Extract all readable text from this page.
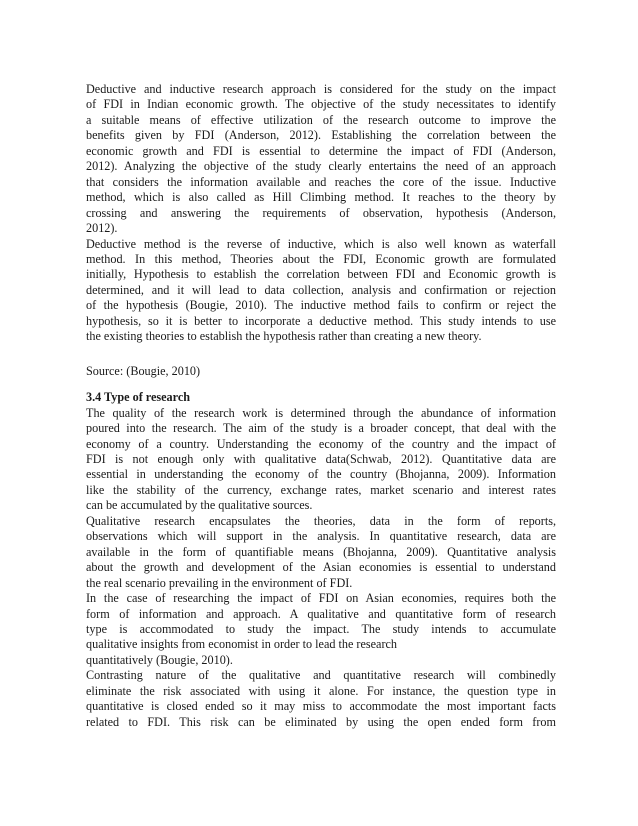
Deductive and inductive research approach is considered for the study on the impact
of FDI in Indian economic growth. The objective of the study necessitates to identify
a suitable means of effective utilization of the research outcome to improve the
benefits given by FDI (Anderson, 2012). Establishing the correlation between the
economic growth and FDI is essential to determine the impact of FDI (Anderson,
2012). Analyzing the objective of the study clearly entertains the need of an approach
that considers the information available and reaches the core of the issue. Inductive
method, which is also called as Hill Climbing method. It reaches to the theory by
crossing and answering the requirements of observation, hypothesis (Anderson,
2012).
Deductive method is the reverse of inductive, which is also well known as waterfall
method. In this method, Theories about the FDI, Economic growth are formulated
initially, Hypothesis to establish the correlation between FDI and Economic growth is
determined, and it will lead to data collection, analysis and confirmation or rejection
of the hypothesis (Bougie, 2010). The inductive method fails to confirm or reject the
hypothesis, so it is better to incorporate a deductive method. This study intends to use
the existing theories to establish the hypothesis rather than creating a new theory.
Source: (Bougie, 2010)
3.4 Type of research
The quality of the research work is determined through the abundance of information
poured into the research. The aim of the study is a broader concept, that deal with the
economy of a country. Understanding the economy of the country and the impact of
FDI is not enough only with qualitative data(Schwab, 2012). Quantitative data are
essential in understanding the economy of the country (Bhojanna, 2009). Information
like the stability of the currency, exchange rates, market scenario and interest rates
can be accumulated by the qualitative sources.
Qualitative research encapsulates the theories, data in the form of reports,
observations which will support in the analysis. In quantitative research, data are
available in the form of quantifiable means (Bhojanna, 2009). Quantitative analysis
about the growth and development of the Asian economies is essential to understand
the real scenario prevailing in the environment of FDI.
In the case of researching the impact of FDI on Asian economies, requires both the
form of information and approach. A qualitative and quantitative form of research
type is accommodated to study the impact. The study intends to accumulate
qualitative insights from economist in order to lead the research
quantitatively (Bougie, 2010).
Contrasting nature of the qualitative and quantitative research will combinedly
eliminate the risk associated with using it alone. For instance, the question type in
quantitative is closed ended so it may miss to accommodate the most important facts
related to FDI. This risk can be eliminated by using the open ended form from
